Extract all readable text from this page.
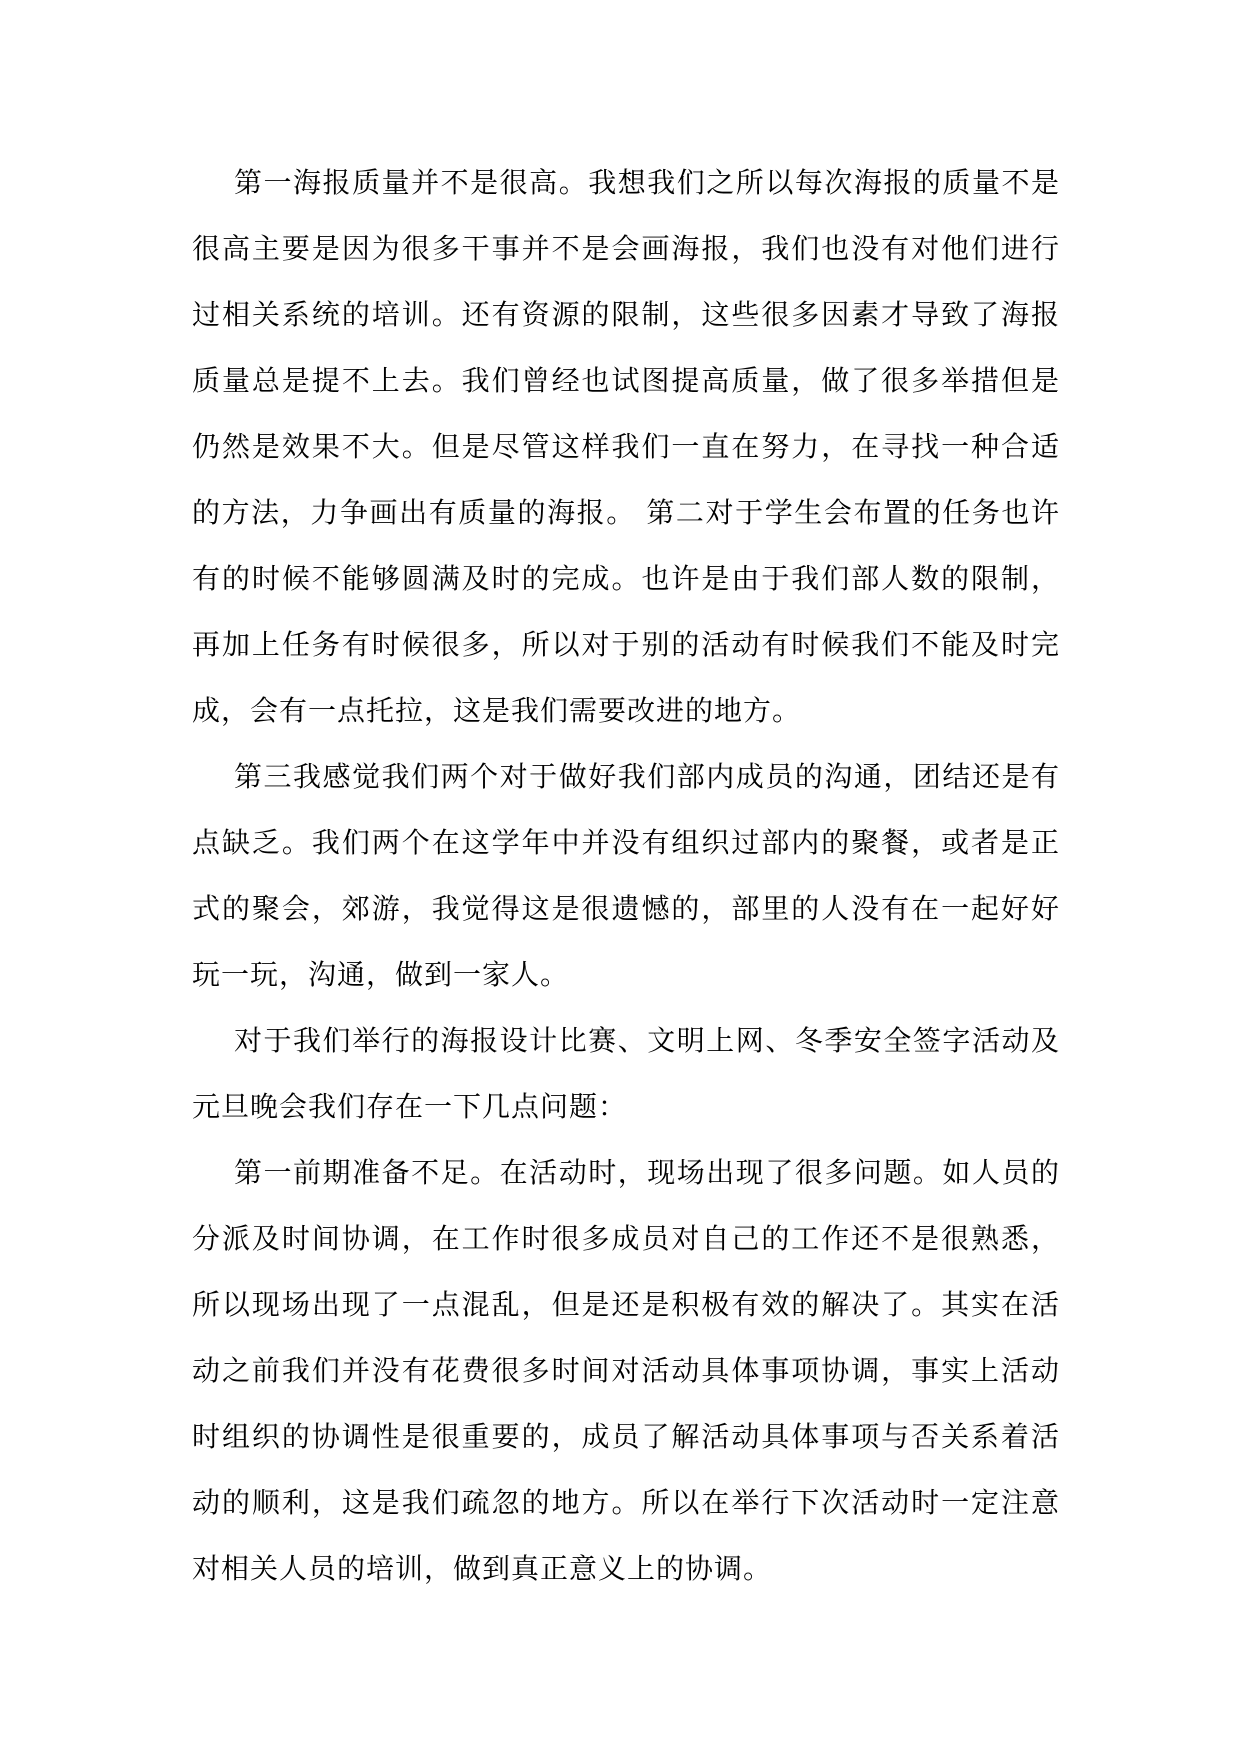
第一海报质量并不是很高。我想我们之所以每次海报的质量不是很高主要是因为很多干事并不是会画海报，我们也没有对他们进行过相关系统的培训。还有资源的限制，这些很多因素才导致了海报质量总是提不上去。我们曾经也试图提高质量，做了很多举措但是仍然是效果不大。但是尽管这样我们一直在努力，在寻找一种合适的方法，力争画出有质量的海报。 第二对于学生会布置的任务也许有的时候不能够圆满及时的完成。也许是由于我们部人数的限制，再加上任务有时候很多，所以对于别的活动有时候我们不能及时完成，会有一点托拉，这是我们需要改进的地方。

第三我感觉我们两个对于做好我们部内成员的沟通，团结还是有点缺乏。我们两个在这学年中并没有组织过部内的聚餐，或者是正式的聚会，郊游，我觉得这是很遗憾的，部里的人没有在一起好好玩一玩，沟通，做到一家人。

对于我们举行的海报设计比赛、文明上网、冬季安全签字活动及元旦晚会我们存在一下几点问题：

第一前期准备不足。在活动时，现场出现了很多问题。如人员的分派及时间协调，在工作时很多成员对自己的工作还不是很熟悉，所以现场出现了一点混乱，但是还是积极有效的解决了。其实在活动之前我们并没有花费很多时间对活动具体事项协调，事实上活动时组织的协调性是很重要的，成员了解活动具体事项与否关系着活动的顺利，这是我们疏忽的地方。所以在举行下次活动时一定注意对相关人员的培训，做到真正意义上的协调。
